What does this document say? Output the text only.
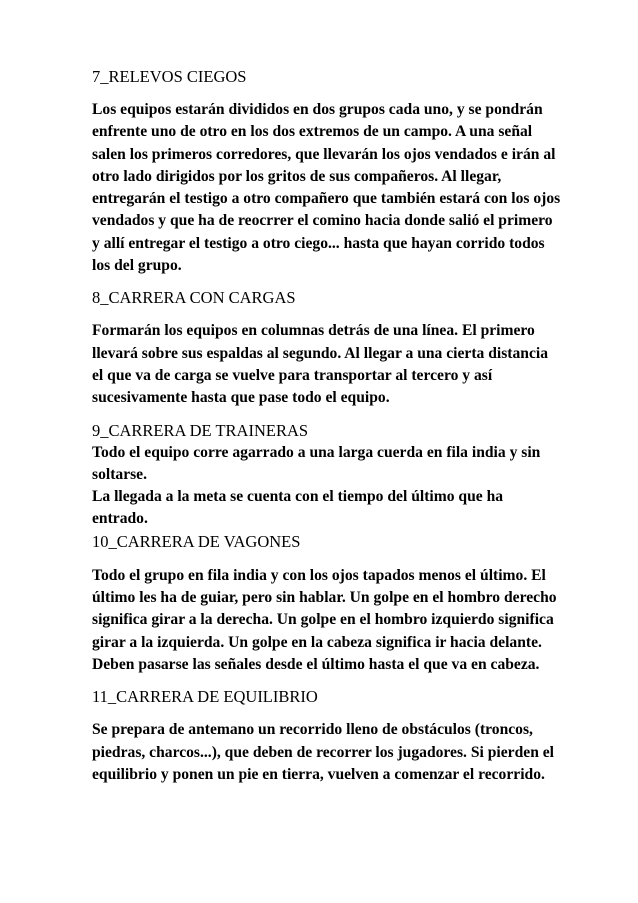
7_RELEVOS CIEGOS

Los equipos estarán divididos en dos grupos cada uno, y se pondrán enfrente uno de otro en los dos extremos de un campo. A una señal salen los primeros corredores, que llevarán los ojos vendados e irán al otro lado dirigidos por los gritos de sus compañeros. Al llegar, entregarán el testigo a otro compañero que también estará con los ojos vendados y que ha de reocrrer el comino hacia donde salió el primero y allí entregar el testigo a otro ciego... hasta que hayan corrido todos los del grupo.

8_CARRERA CON CARGAS

Formarán los equipos en columnas detrás de una línea. El primero llevará sobre sus espaldas al segundo. Al llegar a una cierta distancia el que va de carga se vuelve para transportar al tercero y así sucesivamente hasta que pase todo el equipo.

9_CARRERA DE TRAINERAS

Todo el equipo corre agarrado a una larga cuerda en fila india y sin soltarse.

La llegada a la meta se cuenta con el tiempo del último que ha entrado.

10_CARRERA DE VAGONES

Todo el grupo en fila india y con los ojos tapados menos el último. El último les ha de guiar, pero sin hablar. Un golpe en el hombro derecho significa girar a la derecha. Un golpe en el hombro izquierdo significa girar a la izquierda. Un golpe en la cabeza significa ir hacia delante. Deben pasarse las señales desde el último hasta el que va en cabeza.

11_CARRERA DE EQUILIBRIO

Se prepara de antemano un recorrido lleno de obstáculos (troncos, piedras, charcos...), que deben de recorrer los jugadores. Si pierden el equilibrio y ponen un pie en tierra, vuelven a comenzar el recorrido.
